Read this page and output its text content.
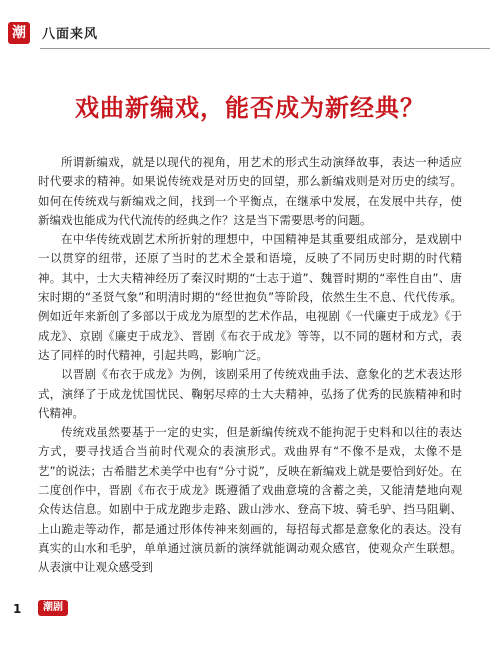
潮	八面来风
戏曲新编戏，能否成为新经典？

所谓新编戏，就是以现代的视角，用艺术的形式生动演绎故事，表达一种适应时代要求的精神。如果说传统戏是对历史的回望，那么新编戏则是对历史的续写。如何在传统戏与新编戏之间，找到一个平衡点，在继承中发展，在发展中共存，使新编戏也能成为代代流传的经典之作？这是当下需要思考的问题。

在中华传统戏剧艺术所折射的理想中，中国精神是其重要组成部分，是戏剧中一以贯穿的纽带，还原了当时的艺术全景和语境，反映了不同历史时期的时代精神。其中，士大夫精神经历了秦汉时期的“士志于道”、魏晋时期的“率性自由”、唐宋时期的“圣贤气象”和明清时期的“经世抱负”等阶段，依然生生不息、代代传承。例如近年来新创了多部以于成龙为原型的艺术作品，电视剧《一代廉吏于成龙》《于成龙》、京剧《廉吏于成龙》、晋剧《布衣于成龙》等等，以不同的题材和方式，表达了同样的时代精神，引起共鸣，影响广泛。

以晋剧《布衣于成龙》为例，该剧采用了传统戏曲手法、意象化的艺术表达形式，演绎了于成龙忧国忧民、鞠躬尽瘁的士大夫精神，弘扬了优秀的民族精神和时代精神。

传统戏虽然要基于一定的史实，但是新编传统戏不能拘泥于史料和以往的表达方式，要寻找适合当前时代观众的表演形式。戏曲界有“不像不是戏，太像不是艺”的说法；古希腊艺术美学中也有“分寸说”，反映在新编戏上就是要恰到好处。在二度创作中，晋剧《布衣于成龙》既遵循了戏曲意境的含蓄之美，又能清楚地向观众传达信息。如剧中于成龙跑步走路、跋山涉水、登高下坡、骑毛驴、挡马阻剿、上山跪走等动作，都是通过形体传神来刻画的，每招每式都是意象化的表达。没有真实的山水和毛驴，单单通过演员新的演绎就能调动观众感官，使观众产生联想。从表演中让观众感受到

1	潮剧
